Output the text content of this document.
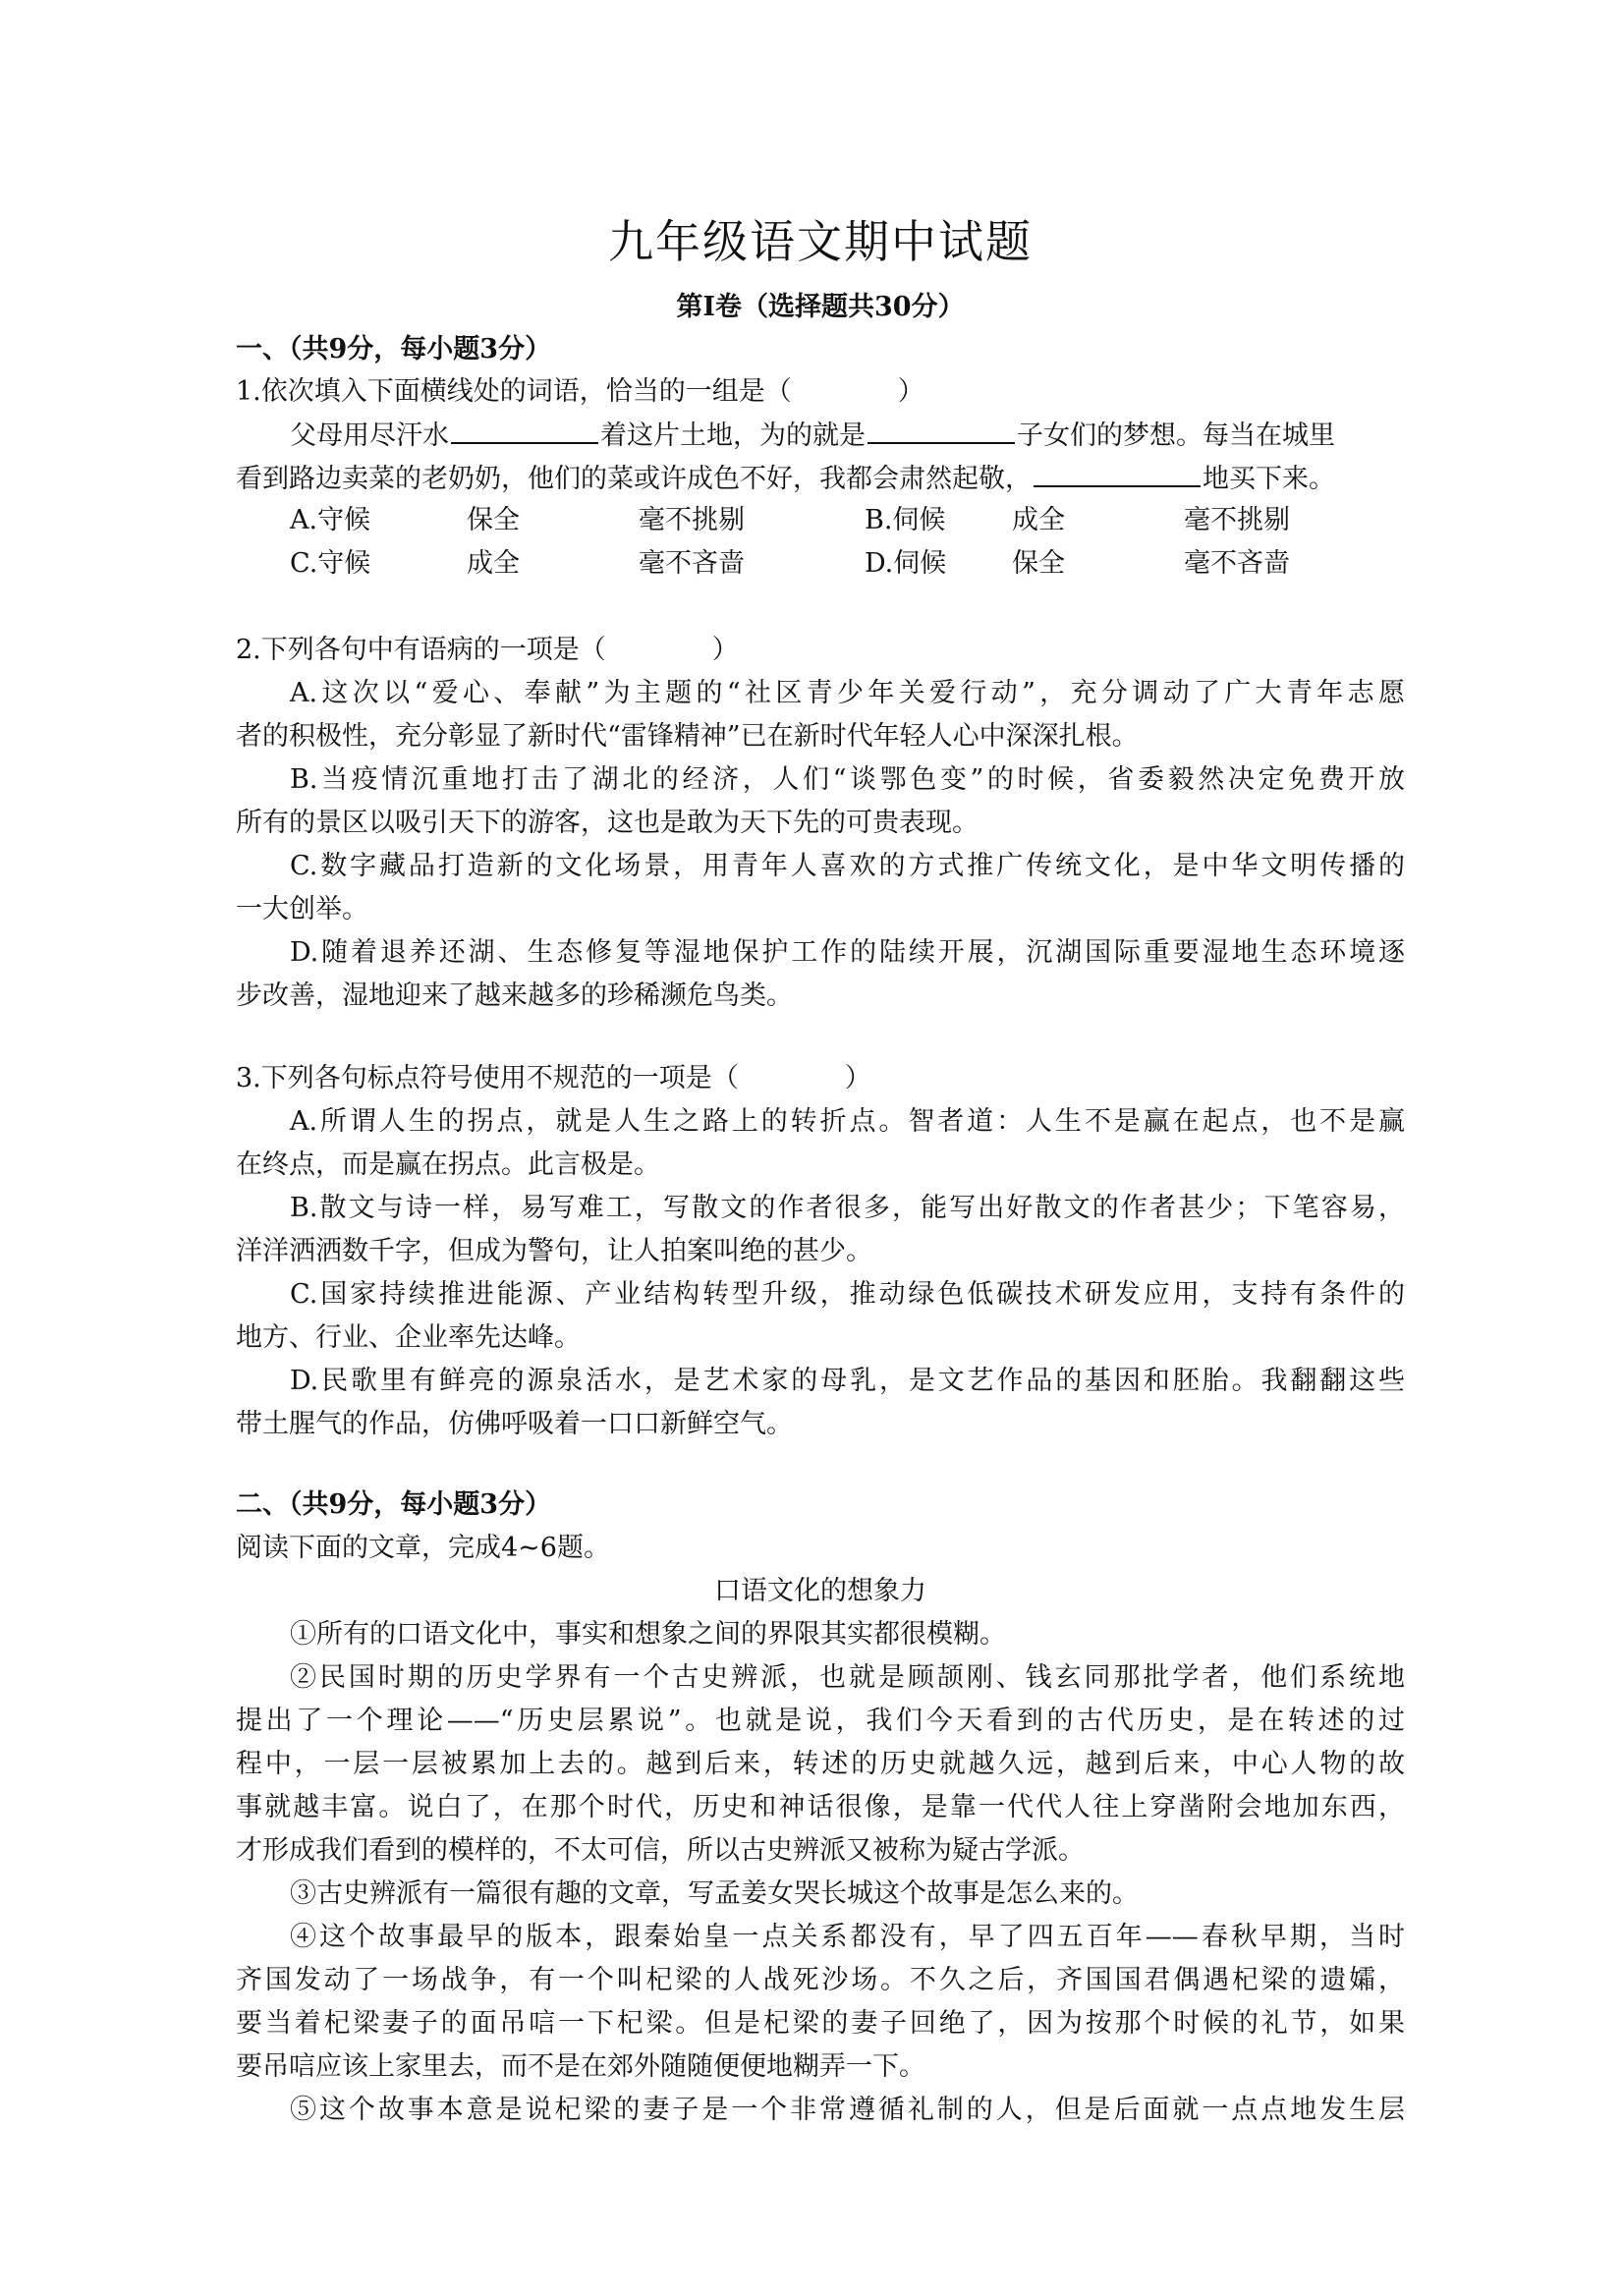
九年级语文期中试题
第Ⅰ卷（选择题共30分）
一、（共9分，每小题3分）
1.依次填入下面横线处的词语，恰当的一组是（　　　　）
父母用尽汗水	着这片土地，为的就是	子女们的梦想。每当在城里
看到路边卖菜的老奶奶，他们的菜或许成色不好，我都会肃然起敬，	地买下来。
A.守候	保全	毫不挑剔	B.伺候	成全	毫不挑剔
C.守候	成全	毫不吝啬	D.伺候 保全	毫不吝啬
2.下列各句中有语病的一项是（　　　　）
A.这次以“爱心、奉献”为主题的“社区青少年关爱行动”，充分调动了广大青年志愿
者的积极性，充分彰显了新时代“雷锋精神”已在新时代年轻人心中深深扎根。
B.当疫情沉重地打击了湖北的经济，人们“谈鄂色变”的时候，省委毅然决定免费开放
所有的景区以吸引天下的游客，这也是敢为天下先的可贵表现。
C.数字藏品打造新的文化场景，用青年人喜欢的方式推广传统文化，是中华文明传播的
一大创举。
D.随着退养还湖、生态修复等湿地保护工作的陆续开展，沉湖国际重要湿地生态环境逐
步改善，湿地迎来了越来越多的珍稀濒危鸟类。
3.下列各句标点符号使用不规范的一项是（　　　　）
A.所谓人生的拐点，就是人生之路上的转折点。智者道：人生不是赢在起点，也不是赢
在终点，而是赢在拐点。此言极是。
B.散文与诗一样，易写难工，写散文的作者很多，能写出好散文的作者甚少；下笔容易，
洋洋洒洒数千字，但成为警句，让人拍案叫绝的甚少。
C.国家持续推进能源、产业结构转型升级，推动绿色低碳技术研发应用，支持有条件的
地方、行业、企业率先达峰。
D.民歌里有鲜亮的源泉活水，是艺术家的母乳，是文艺作品的基因和胚胎。我翻翻这些
带土腥气的作品，仿佛呼吸着一口口新鲜空气。
二、（共9分，每小题3分）
阅读下面的文章，完成4~6题。
口语文化的想象力
①所有的口语文化中，事实和想象之间的界限其实都很模糊。
②民国时期的历史学界有一个古史辨派，也就是顾颉刚、钱玄同那批学者，他们系统地
提出了一个理论——“历史层累说”。也就是说，我们今天看到的古代历史，是在转述的过
程中，一层一层被累加上去的。越到后来，转述的历史就越久远，越到后来，中心人物的故
事就越丰富。说白了，在那个时代，历史和神话很像，是靠一代代人往上穿凿附会地加东西，
才形成我们看到的模样的，不太可信，所以古史辨派又被称为疑古学派。
③古史辨派有一篇很有趣的文章，写孟姜女哭长城这个故事是怎么来的。
④这个故事最早的版本，跟秦始皇一点关系都没有，早了四五百年——春秋早期，当时
齐国发动了一场战争，有一个叫杞梁的人战死沙场。不久之后，齐国国君偶遇杞梁的遗孀，
要当着杞梁妻子的面吊唁一下杞梁。但是杞梁的妻子回绝了，因为按那个时候的礼节，如果
要吊唁应该上家里去，而不是在郊外随随便便地糊弄一下。
⑤这个故事本意是说杞梁的妻子是一个非常遵循礼制的人，但是后面就一点点地发生层
